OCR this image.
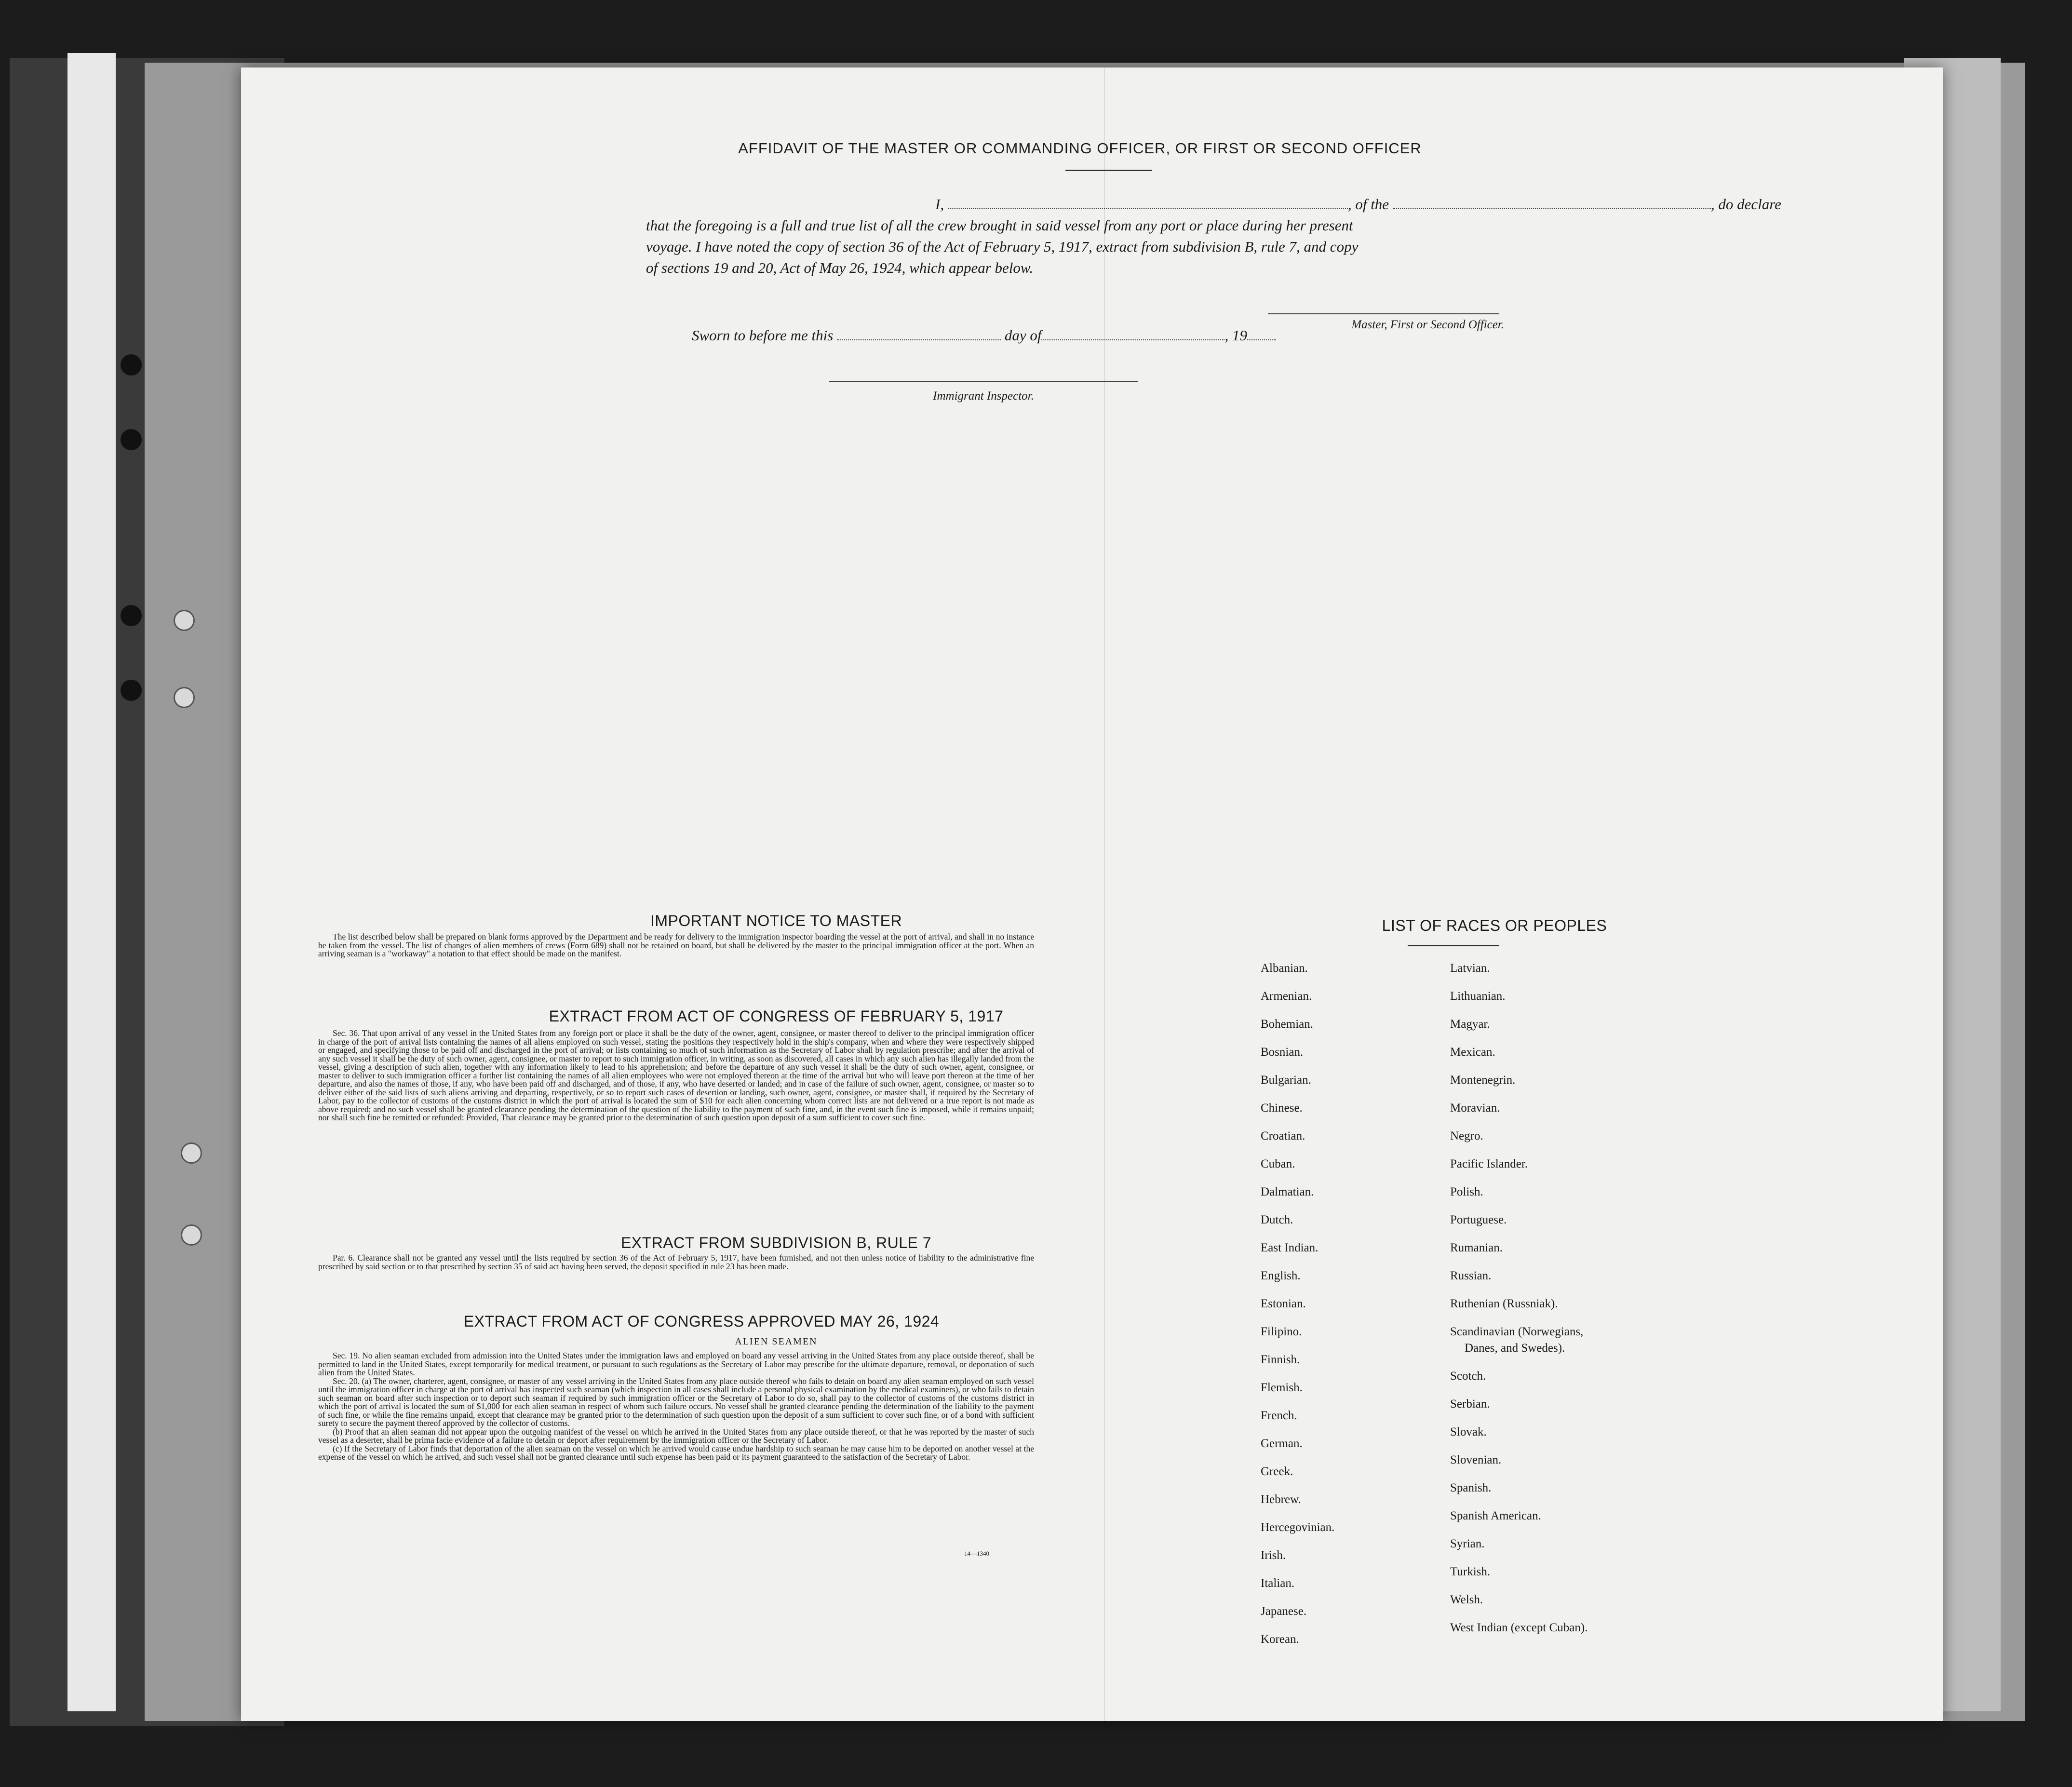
AFFIDAVIT OF THE MASTER OR COMMANDING OFFICER, OR FIRST OR SECOND OFFICER
I,	, of the	, do declare
that the foregoing is a full and true list of all the crew brought in said vessel from any port or place during her present
voyage. I have noted the copy of section 36 of the Act of February 5, 1917, extract from subdivision B, rule 7, and copy
of sections 19 and 20, Act of May 26, 1924, which appear below.
Master, First or Second Officer.
Sworn to before me this	day of	, 19
Immigrant Inspector.
IMPORTANT NOTICE TO MASTER
The list described below shall be prepared on blank forms approved by the Department and be ready for delivery to the immigration inspector boarding the vessel at the port of arrival, and shall in no instance be taken from the vessel. The list of changes of alien members of crews (Form 689) shall not be retained on board, but shall be delivered by the master to the principal immigration officer at the port. When an arriving seaman is a "workaway" a notation to that effect should be made on the manifest.
EXTRACT FROM ACT OF CONGRESS OF FEBRUARY 5, 1917
Sec. 36. That upon arrival of any vessel in the United States from any foreign port or place it shall be the duty of the owner, agent, consignee, or master thereof to deliver to the principal immigration officer in charge of the port of arrival lists containing the names of all aliens employed on such vessel, stating the positions they respectively hold in the ship's company, when and where they were respectively shipped or engaged, and specifying those to be paid off and discharged in the port of arrival; or lists containing so much of such information as the Secretary of Labor shall by regulation prescribe; and after the arrival of any such vessel it shall be the duty of such owner, agent, consignee, or master to report to such immigration officer, in writing, as soon as discovered, all cases in which any such alien has illegally landed from the vessel, giving a description of such alien, together with any information likely to lead to his apprehension; and before the departure of any such vessel it shall be the duty of such owner, agent, consignee, or master to deliver to such immigration officer a further list containing the names of all alien employees who were not employed thereon at the time of the arrival but who will leave port thereon at the time of her departure, and also the names of those, if any, who have been paid off and discharged, and of those, if any, who have deserted or landed; and in case of the failure of such owner, agent, consignee, or master so to deliver either of the said lists of such aliens arriving and departing, respectively, or so to report such cases of desertion or landing, such owner, agent, consignee, or master shall, if required by the Secretary of Labor, pay to the collector of customs of the customs district in which the port of arrival is located the sum of $10 for each alien concerning whom correct lists are not delivered or a true report is not made as above required; and no such vessel shall be granted clearance pending the determination of the question of the liability to the payment of such fine, and, in the event such fine is imposed, while it remains unpaid; nor shall such fine be remitted or refunded: Provided, That clearance may be granted prior to the determination of such question upon deposit of a sum sufficient to cover such fine.
EXTRACT FROM SUBDIVISION B, RULE 7
Par. 6. Clearance shall not be granted any vessel until the lists required by section 36 of the Act of February 5, 1917, have been furnished, and not then unless notice of liability to the administrative fine prescribed by said section or to that prescribed by section 35 of said act having been served, the deposit specified in rule 23 has been made.
EXTRACT FROM ACT OF CONGRESS APPROVED MAY 26, 1924
ALIEN SEAMEN
Sec. 19. No alien seaman excluded from admission into the United States under the immigration laws and employed on board any vessel arriving in the United States from any place outside thereof, shall be permitted to land in the United States, except temporarily for medical treatment, or pursuant to such regulations as the Secretary of Labor may prescribe for the ultimate departure, removal, or deportation of such alien from the United States.
Sec. 20. (a) The owner, charterer, agent, consignee, or master of any vessel arriving in the United States from any place outside thereof who fails to detain on board any alien seaman employed on such vessel until the immigration officer in charge at the port of arrival has inspected such seaman (which inspection in all cases shall include a personal physical examination by the medical examiners), or who fails to detain such seaman on board after such inspection or to deport such seaman if required by such immigration officer or the Secretary of Labor to do so, shall pay to the collector of customs of the customs district in which the port of arrival is located the sum of $1,000 for each alien seaman in respect of whom such failure occurs. No vessel shall be granted clearance pending the determination of the liability to the payment of such fine, or while the fine remains unpaid, except that clearance may be granted prior to the determination of such question upon the deposit of a sum sufficient to cover such fine, or of a bond with sufficient surety to secure the payment thereof approved by the collector of customs.
(b) Proof that an alien seaman did not appear upon the outgoing manifest of the vessel on which he arrived in the United States from any place outside thereof, or that he was reported by the master of such vessel as a deserter, shall be prima facie evidence of a failure to detain or deport after requirement by the immigration officer or the Secretary of Labor.
(c) If the Secretary of Labor finds that deportation of the alien seaman on the vessel on which he arrived would cause undue hardship to such seaman he may cause him to be deported on another vessel at the expense of the vessel on which he arrived, and such vessel shall not be granted clearance until such expense has been paid or its payment guaranteed to the satisfaction of the Secretary of Labor.
14—1340
LIST OF RACES OR PEOPLES
Albanian.
Armenian.
Bohemian.
Bosnian.
Bulgarian.
Chinese.
Croatian.
Cuban.
Dalmatian.
Dutch.
East Indian.
English.
Estonian.
Filipino.
Finnish.
Flemish.
French.
German.
Greek.
Hebrew.
Hercegovinian.
Irish.
Italian.
Japanese.
Korean.
Latvian.
Lithuanian.
Magyar.
Mexican.
Montenegrin.
Moravian.
Negro.
Pacific Islander.
Polish.
Portuguese.
Rumanian.
Russian.
Ruthenian (Russniak).
Scandinavian (Norwegians,
Danes, and Swedes).
Scotch.
Serbian.
Slovak.
Slovenian.
Spanish.
Spanish American.
Syrian.
Turkish.
Welsh.
West Indian (except Cuban).
